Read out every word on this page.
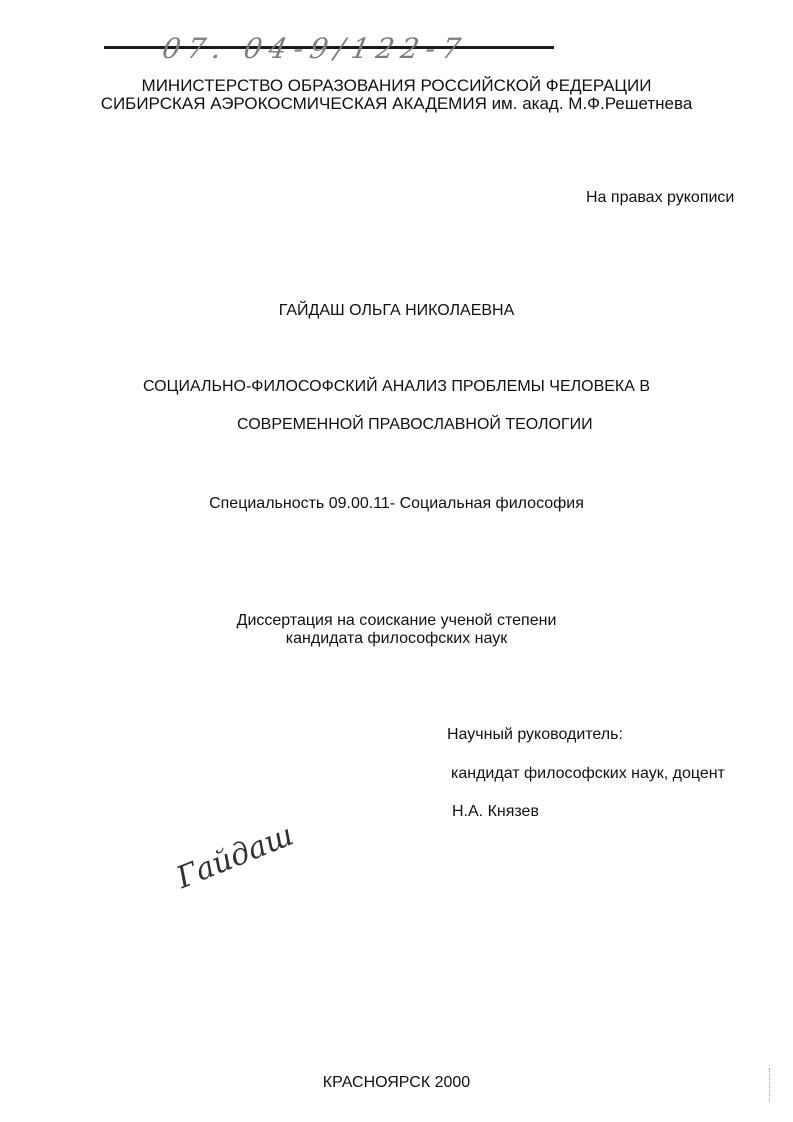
07. 04-9/122-7
МИНИСТЕРСТВО ОБРАЗОВАНИЯ РОССИЙСКОЙ ФЕДЕРАЦИИ
СИБИРСКАЯ АЭРОКОСМИЧЕСКАЯ АКАДЕМИЯ им. акад. М.Ф.Решетнева
На правах рукописи
ГАЙДАШ ОЛЬГА НИКОЛАЕВНА
СОЦИАЛЬНО-ФИЛОСОФСКИЙ АНАЛИЗ ПРОБЛЕМЫ ЧЕЛОВЕКА В
СОВРЕМЕННОЙ ПРАВОСЛАВНОЙ ТЕОЛОГИИ
Специальность 09.00.11- Социальная философия
Диссертация на соискание ученой степени
кандидата философских наук
Научный руководитель:
кандидат философских наук, доцент
Н.А. Князев
Гайдаш
КРАСНОЯРСК 2000
